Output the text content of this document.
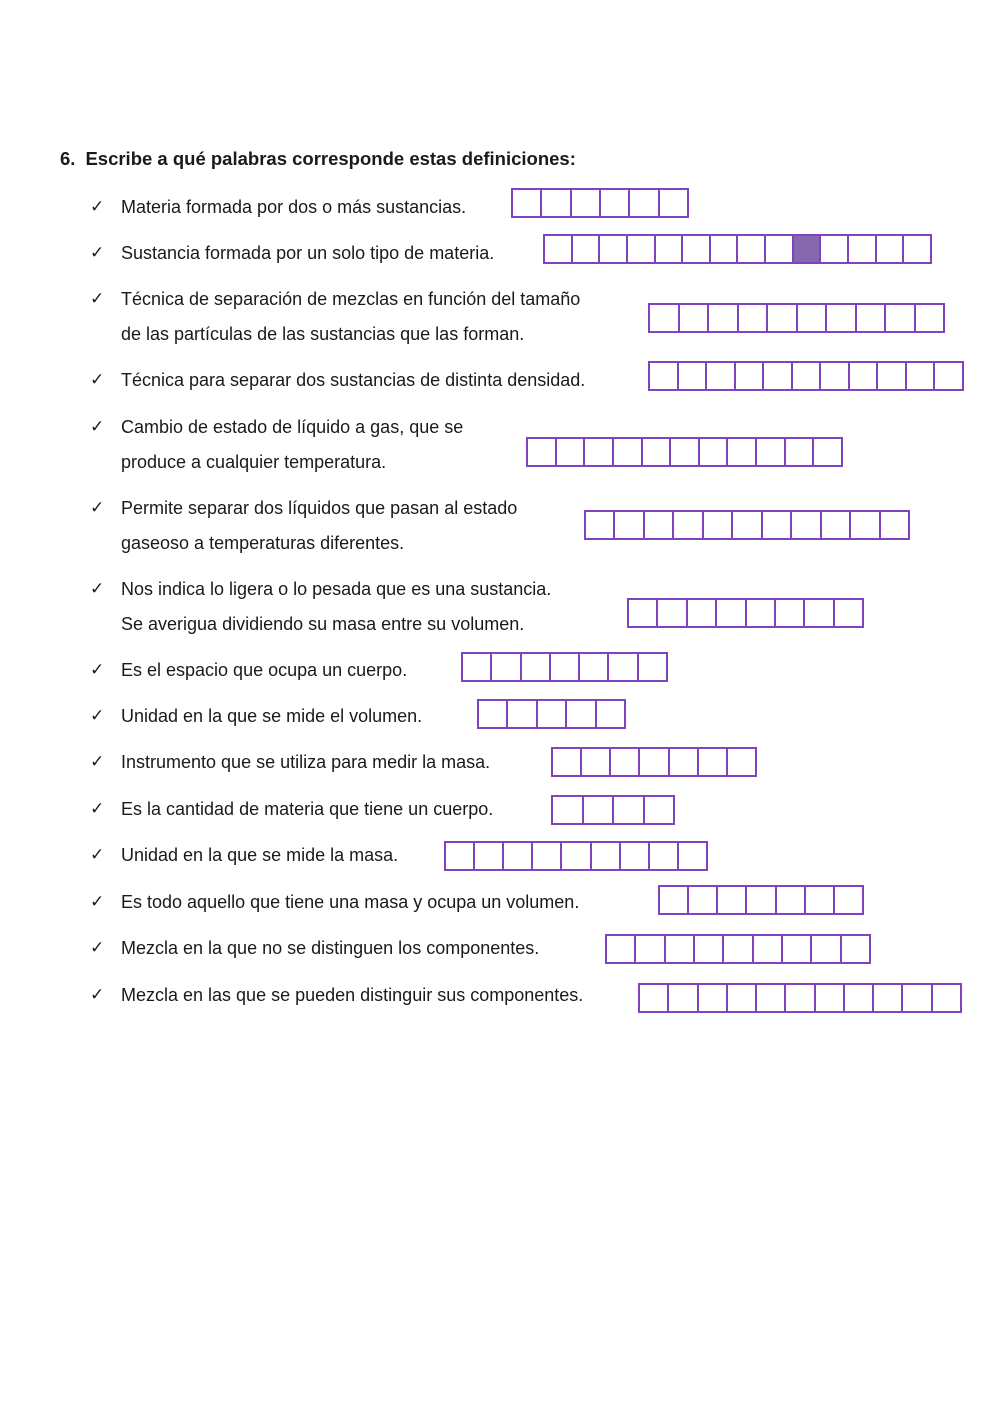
6. Escribe a qué palabras corresponde estas definiciones:
✓ Materia formada por dos o más sustancias.
✓ Sustancia formada por un solo tipo de materia.
✓ Técnica de separación de mezclas en función del tamaño
de las partículas de las sustancias que las forman.
✓ Técnica para separar dos sustancias de distinta densidad.
✓ Cambio de estado de líquido a gas, que se
produce a cualquier temperatura.
✓ Permite separar dos líquidos que pasan al estado
gaseoso a temperaturas diferentes.
✓ Nos indica lo ligera o lo pesada que es una sustancia.
Se averigua dividiendo su masa entre su volumen.
✓ Es el espacio que ocupa un cuerpo.
✓ Unidad en la que se mide el volumen.
✓ Instrumento que se utiliza para medir la masa.
✓ Es la cantidad de materia que tiene un cuerpo.
✓ Unidad en la que se mide la masa.
✓ Es todo aquello que tiene una masa y ocupa un volumen.
✓ Mezcla en la que no se distinguen los componentes.
✓ Mezcla en las que se pueden distinguir sus componentes.
